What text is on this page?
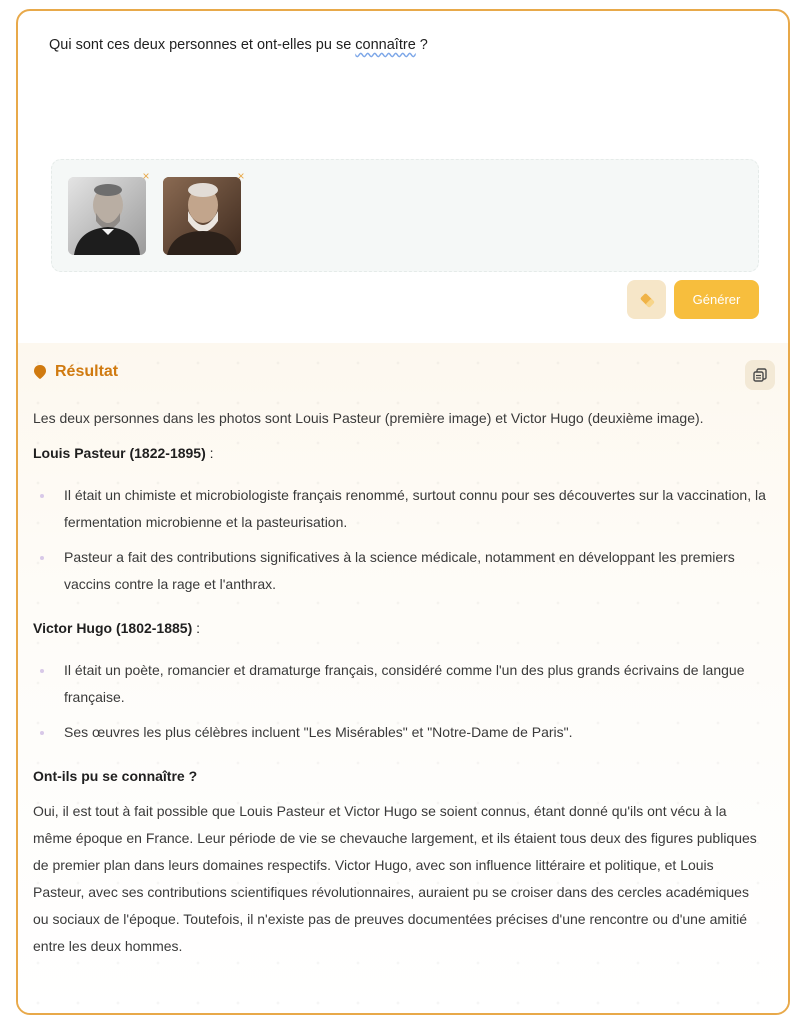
Qui sont ces deux personnes et ont-elles pu se connaître ?
×	×
Générer
Résultat

Les deux personnes dans les photos sont Louis Pasteur (première image) et Victor Hugo (deuxième image).

Louis Pasteur (1822-1895) :
Il était un chimiste et microbiologiste français renommé, surtout connu pour ses découvertes sur la vaccination, la fermentation microbienne et la pasteurisation.
Pasteur a fait des contributions significatives à la science médicale, notamment en développant les premiers vaccins contre la rage et l'anthrax.
Victor Hugo (1802-1885) :
Il était un poète, romancier et dramaturge français, considéré comme l'un des plus grands écrivains de langue française.
Ses œuvres les plus célèbres incluent "Les Misérables" et "Notre-Dame de Paris".
Ont-ils pu se connaître ?

Oui, il est tout à fait possible que Louis Pasteur et Victor Hugo se soient connus, étant donné qu'ils ont vécu à la même époque en France. Leur période de vie se chevauche largement, et ils étaient tous deux des figures publiques de premier plan dans leurs domaines respectifs. Victor Hugo, avec son influence littéraire et politique, et Louis Pasteur, avec ses contributions scientifiques révolutionnaires, auraient pu se croiser dans des cercles académiques ou sociaux de l'époque. Toutefois, il n'existe pas de preuves documentées précises d'une rencontre ou d'une amitié entre les deux hommes.
